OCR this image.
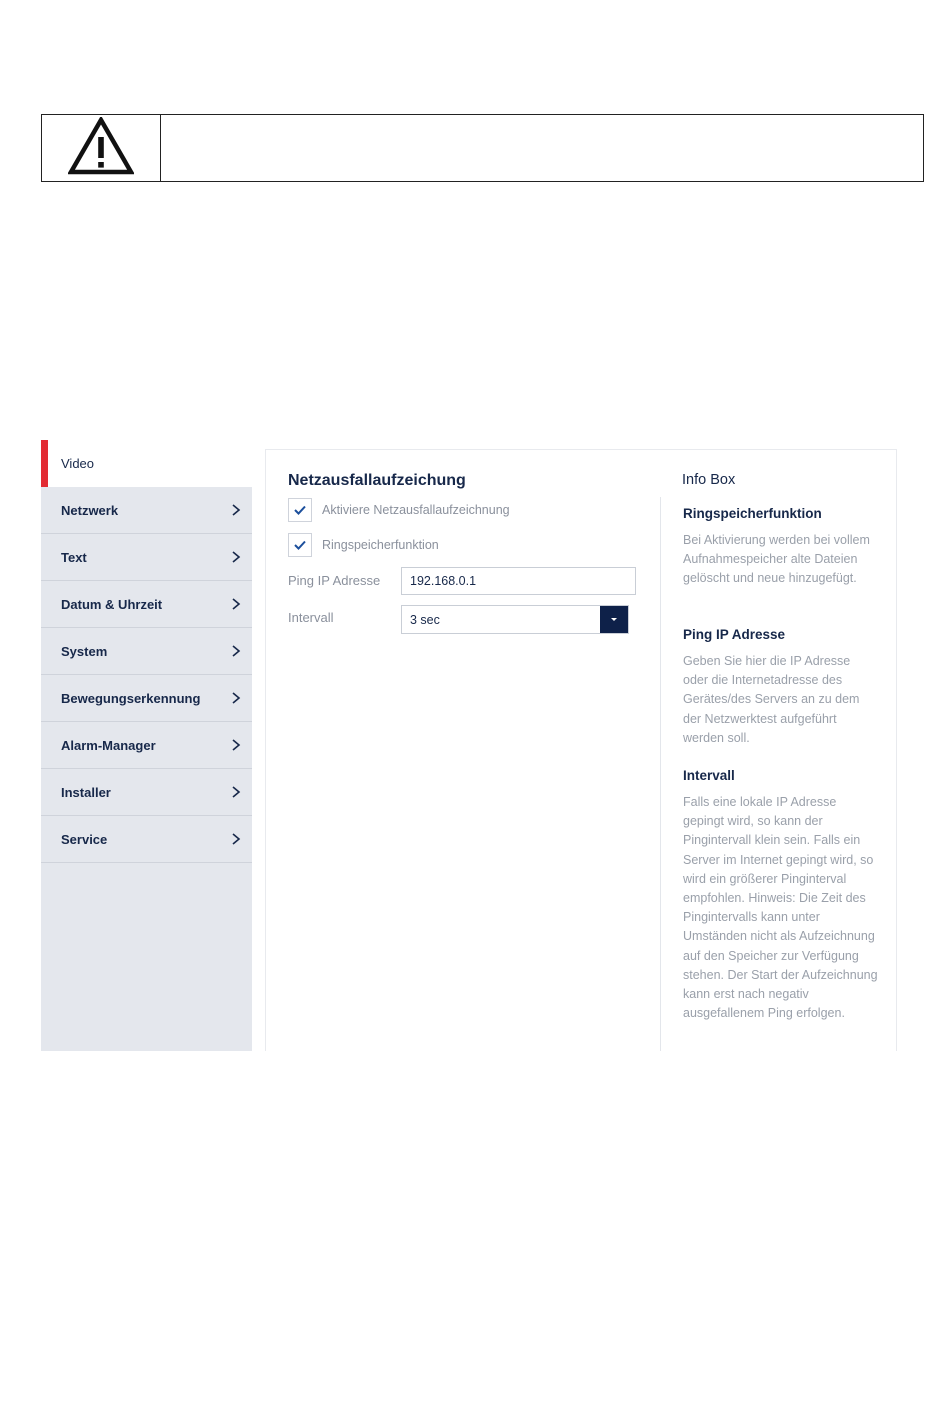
Video
Netzwerk
Text
Datum & Uhrzeit
System
Bewegungserkennung
Alarm-Manager
Installer
Service
Netzausfallaufzeichung
Aktiviere Netzausfallaufzeichnung
Ringspeicherfunktion
Ping IP Adresse 192.168.0.1
Intervall	3 sec
Info Box
Ringspeicherfunktion

Bei Aktivierung werden bei vollem Aufnahmespeicher alte Dateien gelöscht und neue hinzugefügt.

Ping IP Adresse

Geben Sie hier die IP Adresse oder die Internetadresse des Gerätes/des Servers an zu dem der Netzwerktest aufgeführt werden soll.

Intervall

Falls eine lokale IP Adresse gepingt wird, so kann der Pingintervall klein sein. Falls ein Server im Internet gepingt wird, so wird ein größerer Pinginterval empfohlen. Hinweis: Die Zeit des Pingintervalls kann unter Umständen nicht als Aufzeichnung auf den Speicher zur Verfügung stehen. Der Start der Aufzeichnung kann erst nach negativ ausgefallenem Ping erfolgen.
